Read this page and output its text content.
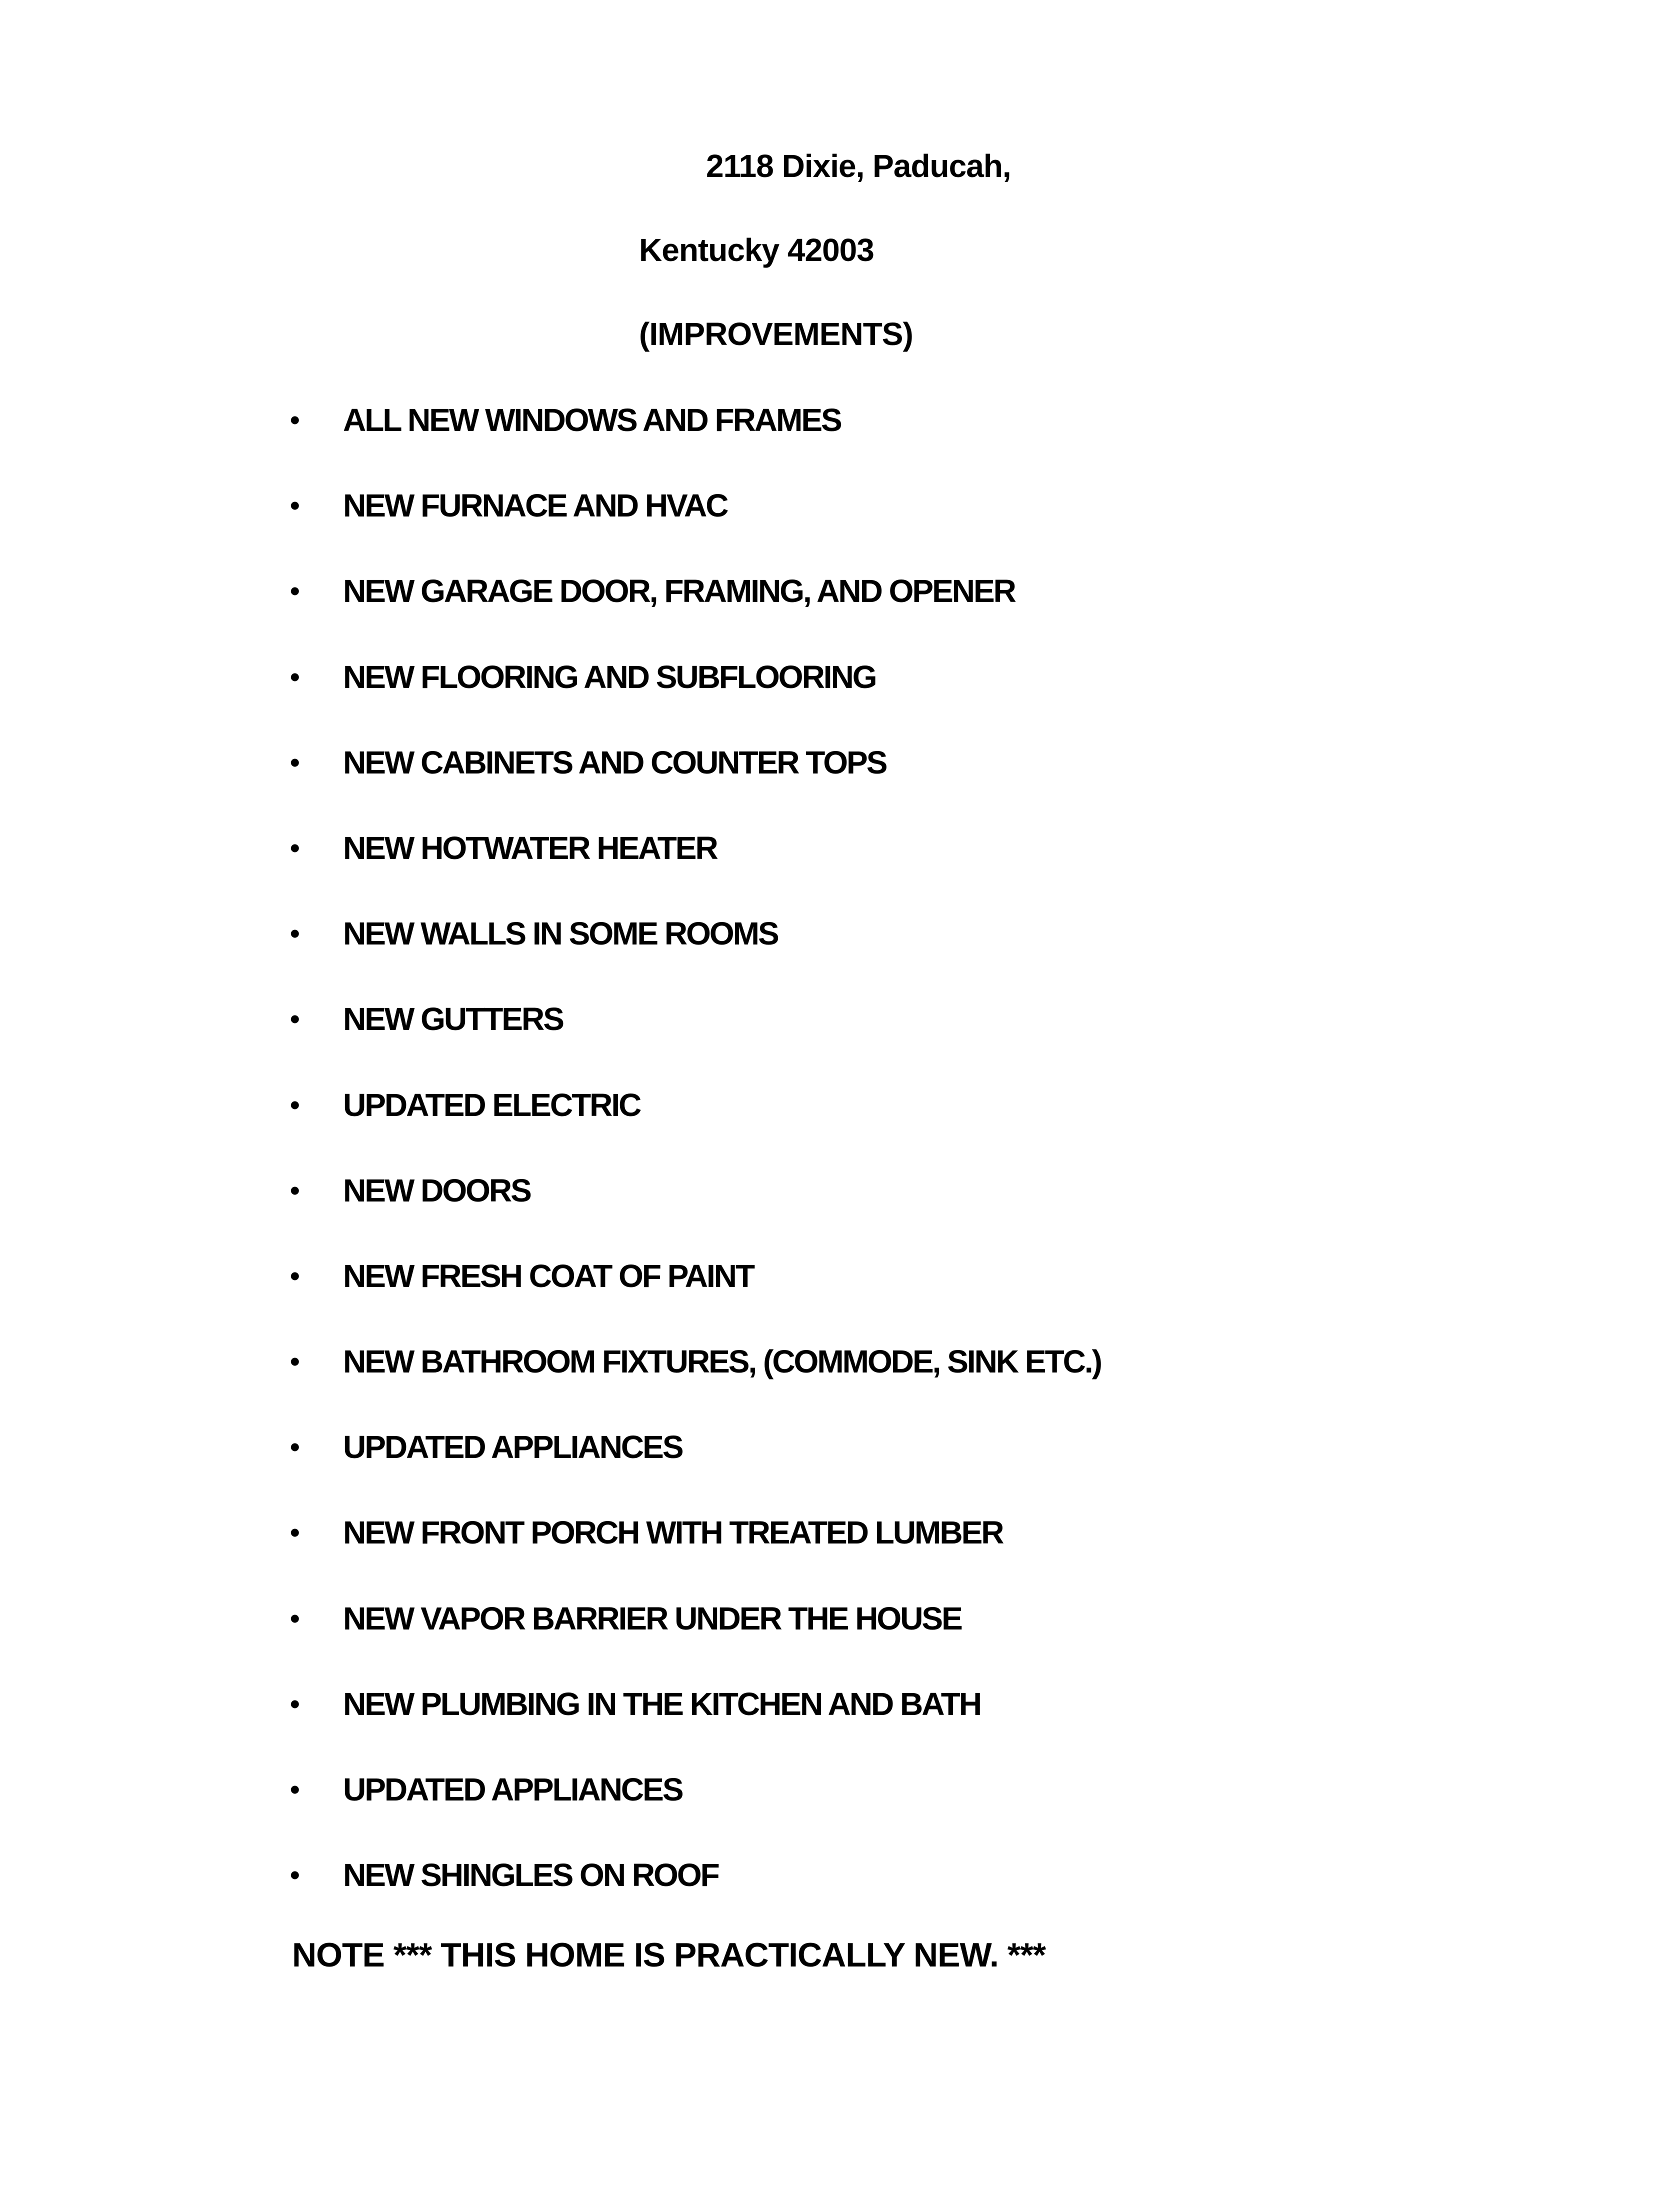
2118 Dixie, Paducah,
Kentucky 42003
(IMPROVEMENTS)
•	ALL NEW WINDOWS AND FRAMES
•	NEW FURNACE AND HVAC
•	NEW GARAGE DOOR, FRAMING, AND OPENER
•	NEW FLOORING AND SUBFLOORING
•	NEW CABINETS AND COUNTER TOPS
•	NEW HOTWATER HEATER
•	NEW WALLS IN SOME ROOMS
•	NEW GUTTERS
•	UPDATED ELECTRIC
•	NEW DOORS
•	NEW FRESH COAT OF PAINT
•	NEW BATHROOM FIXTURES, (COMMODE, SINK ETC.)
•	UPDATED APPLIANCES
•	NEW FRONT PORCH WITH TREATED LUMBER
•	NEW VAPOR BARRIER UNDER THE HOUSE
•	NEW PLUMBING IN THE KITCHEN AND BATH
•	UPDATED APPLIANCES
•	NEW SHINGLES ON ROOF
NOTE *** THIS HOME IS PRACTICALLY NEW. ***
